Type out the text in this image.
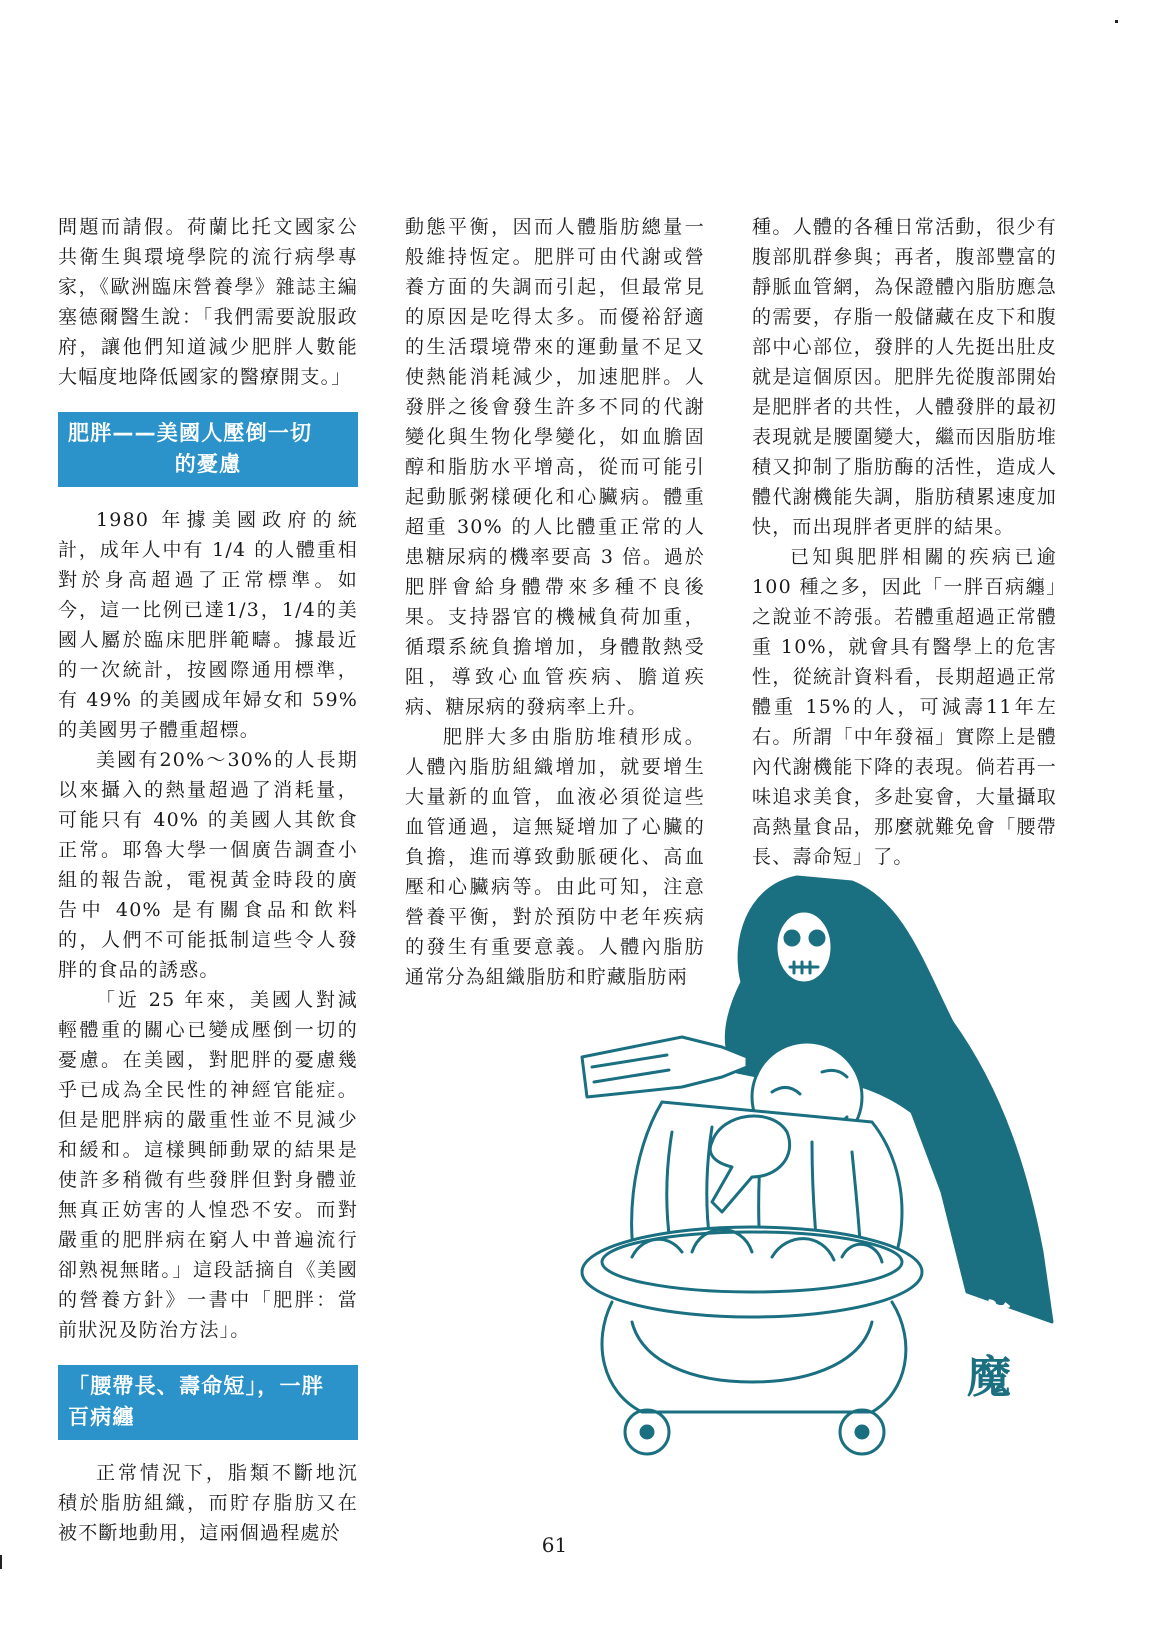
問題而請假。荷蘭比托文國家公共衛生與環境學院的流行病學專家，《歐洲臨床營養學》雜誌主編塞德爾醫生說：「我們需要說服政府，讓他們知道減少肥胖人數能大幅度地降低國家的醫療開支。」

肥胖——美國人壓倒一切
的憂慮

1980 年據美國政府的統計，成年人中有 1/4 的人體重相對於身高超過了正常標準。如今，這一比例已達1/3，1/4的美國人屬於臨床肥胖範疇。據最近的一次統計，按國際通用標準，有 49% 的美國成年婦女和 59% 的美國男子體重超標。

美國有20%～30%的人長期以來攝入的熱量超過了消耗量，可能只有 40% 的美國人其飲食正常。耶魯大學一個廣告調查小組的報告說，電視黃金時段的廣告中 40% 是有關食品和飲料的，人們不可能抵制這些令人發胖的食品的誘惑。

「近 25 年來，美國人對減輕體重的關心已變成壓倒一切的憂慮。在美國，對肥胖的憂慮幾乎已成為全民性的神經官能症。但是肥胖病的嚴重性並不見減少和緩和。這樣興師動眾的結果是使許多稍微有些發胖但對身體並無真正妨害的人惶恐不安。而對嚴重的肥胖病在窮人中普遍流行卻熟視無睹。」這段話摘自《美國的營養方針》一書中「肥胖：當前狀況及防治方法」。

「腰帶長、壽命短」，一胖
百病纏

正常情況下，脂類不斷地沉積於脂肪組織，而貯存脂肪又在被不斷地動用，這兩個過程處於

動態平衡，因而人體脂肪總量一般維持恆定。肥胖可由代謝或營養方面的失調而引起，但最常見的原因是吃得太多。而優裕舒適的生活環境帶來的運動量不足又使熱能消耗減少，加速肥胖。人發胖之後會發生許多不同的代謝變化與生物化學變化，如血膽固醇和脂肪水平增高，從而可能引起動脈粥樣硬化和心臟病。體重超重 30% 的人比體重正常的人患糖尿病的機率要高 3 倍。過於肥胖會給身體帶來多種不良後果。支持器官的機械負荷加重，循環系統負擔增加，身體散熱受阻，導致心血管疾病、膽道疾病、糖尿病的發病率上升。

肥胖大多由脂肪堆積形成。人體內脂肪組織增加，就要增生大量新的血管，血液必須從這些血管通過，這無疑增加了心臟的負擔，進而導致動脈硬化、高血壓和心臟病等。由此可知，注意營養平衡，對於預防中老年疾病的發生有重要意義。人體內脂肪通常分為組織脂肪和貯藏脂肪兩

種。人體的各種日常活動，很少有腹部肌群參與；再者，腹部豐富的靜脈血管網，為保證體內脂肪應急的需要，存脂一般儲藏在皮下和腹部中心部位，發胖的人先挺出肚皮就是這個原因。肥胖先從腹部開始是肥胖者的共性，人體發胖的最初表現就是腰圍變大，繼而因脂肪堆積又抑制了脂肪酶的活性，造成人體代謝機能失調，脂肪積累速度加快，而出現胖者更胖的結果。

已知與肥胖相關的疾病已逾 100 種之多，因此「一胖百病纏」之說並不誇張。若體重超過正常體重 10%，就會具有醫學上的危害性，從統計資料看，長期超過正常體重 15%的人，可減壽11年左右。所謂「中年發福」實際上是體內代謝機能下降的表現。倘若再一味追求美食，多赴宴會，大量攝取高熱量食品，那麼就難免會「腰帶長、壽命短」了。

病
魔
61
